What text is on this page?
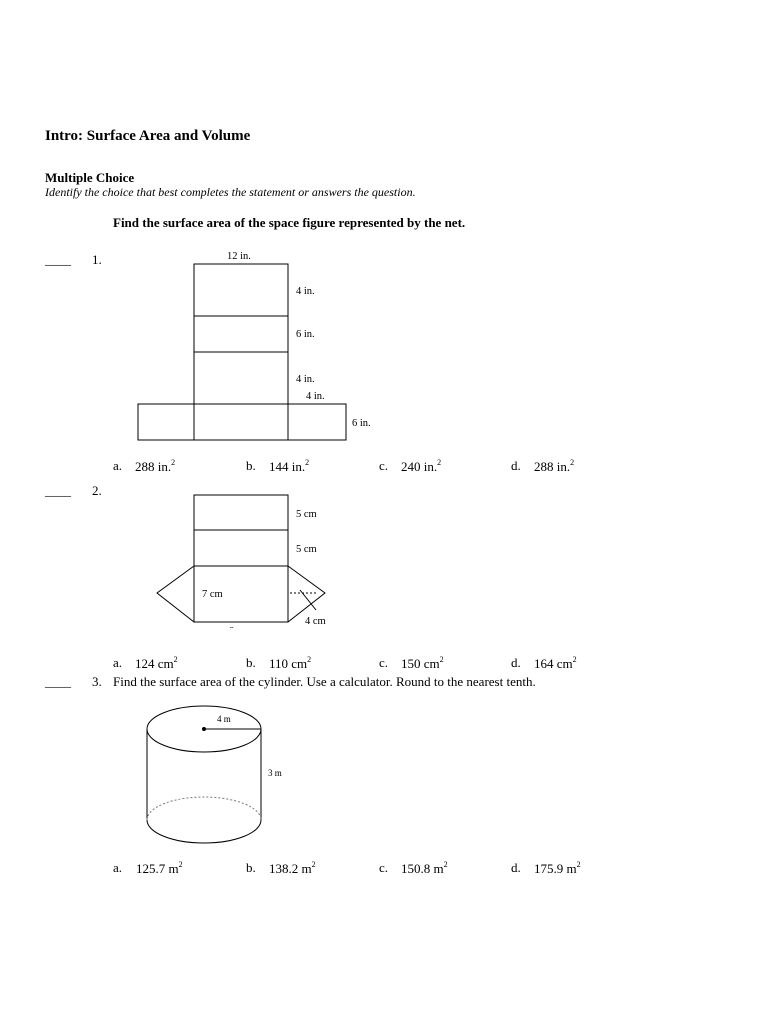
Intro: Surface Area and Volume
Multiple Choice
Identify the choice that best completes the statement or answers the question.
Find the surface area of the space figure represented by the net.
____ 1.	12 in.
4 in.
6 in.
4 in.
4 in.
6 in.
a. 288 in.$^2$	b. 144 in.$^2$	c. 240 in.$^2$	d. 288 in.$^2$
____ 2.
7 cm
5 cm
5 cm
4 cm
a. 124 $cm^2$	b. 110 $cm^2$	c. 150 $cm^2$	d. 164 $cm^2$
____ 3. Find the surface area of the cylinder. Use a calculator. Round to the nearest tenth.
4 m
3 m
a. 125.7 $m^2$	b. 138.2 $m^2$	c. 150.8 $m^2$	d. 175.9 $m^2$
